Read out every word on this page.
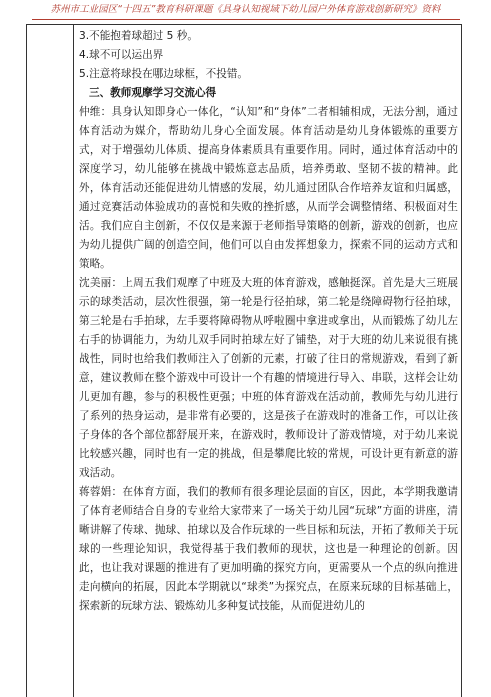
苏州市工业园区“十四五”教育科研课题《具身认知视域下幼儿园户外体育游戏创新研究》资料

3.不能抱着球超过 5 秒。

4.球不可以运出界

5.注意将球投在哪边球框，不投错。

三、教师观摩学习交流心得

仲维：具身认知即身心一体化，“认知”和“身体”二者相辅相成，无法分割，通过体育活动为媒介，帮助幼儿身心全面发展。体育活动是幼儿身体锻炼的重要方式，对于增强幼儿体质、提高身体素质具有重要作用。同时，通过体育活动中的深度学习，幼儿能够在挑战中锻炼意志品质，培养勇敢、坚韧不拔的精神。此外，体育活动还能促进幼儿情感的发展，幼儿通过团队合作培养友谊和归属感，通过竞赛活动体验成功的喜悦和失败的挫折感，从而学会调整情绪、积极面对生活。我们应自主创新，不仅仅是来源于老师指导策略的创新，游戏的创新，也应为幼儿提供广阔的创造空间，他们可以自由发挥想象力，探索不同的运动方式和策略。

沈美丽：上周五我们观摩了中班及大班的体育游戏，感触挺深。首先是大三班展示的球类活动，层次性很强，第一轮是行径拍球，第二轮是绕障碍物行径拍球，第三轮是右手拍球，左手要将障碍物从呼啦圈中拿进或拿出，从而锻炼了幼儿左右手的协调能力，为幼儿双手同时拍球左好了铺垫，对于大班的幼儿来说很有挑战性，同时也给我们教师注入了创新的元素，打破了往日的常规游戏，看到了新意，建议教师在整个游戏中可设计一个有趣的情境进行导入、串联，这样会让幼儿更加有趣，参与的积极性更强；中班的体育游戏在活动前，教师先与幼儿进行了系列的热身运动，是非常有必要的，这是孩子在游戏时的准备工作，可以让孩子身体的各个部位都舒展开来，在游戏时，教师设计了游戏情境，对于幼儿来说比较感兴趣，同时也有一定的挑战，但是攀爬比较的常规，可设计更有新意的游戏活动。

蒋蓉娟：在体育方面，我们的教师有很多理论层面的盲区，因此，本学期我邀请了体育老师结合自身的专业给大家带来了一场关于幼儿园“玩球”方面的讲座，清晰讲解了传球、抛球、拍球以及合作玩球的一些目标和玩法，开拓了教师关于玩球的一些理论知识，我觉得基于我们教师的现状，这也是一种理论的创新。因此，也让我对课题的推进有了更加明确的探究方向，更需要从一个点的纵向推进走向横向的拓展，因此本学期就以“球类”为探究点，在原来玩球的目标基础上，探索新的玩球方法、锻炼幼儿多种复试技能，从而促进幼儿的
